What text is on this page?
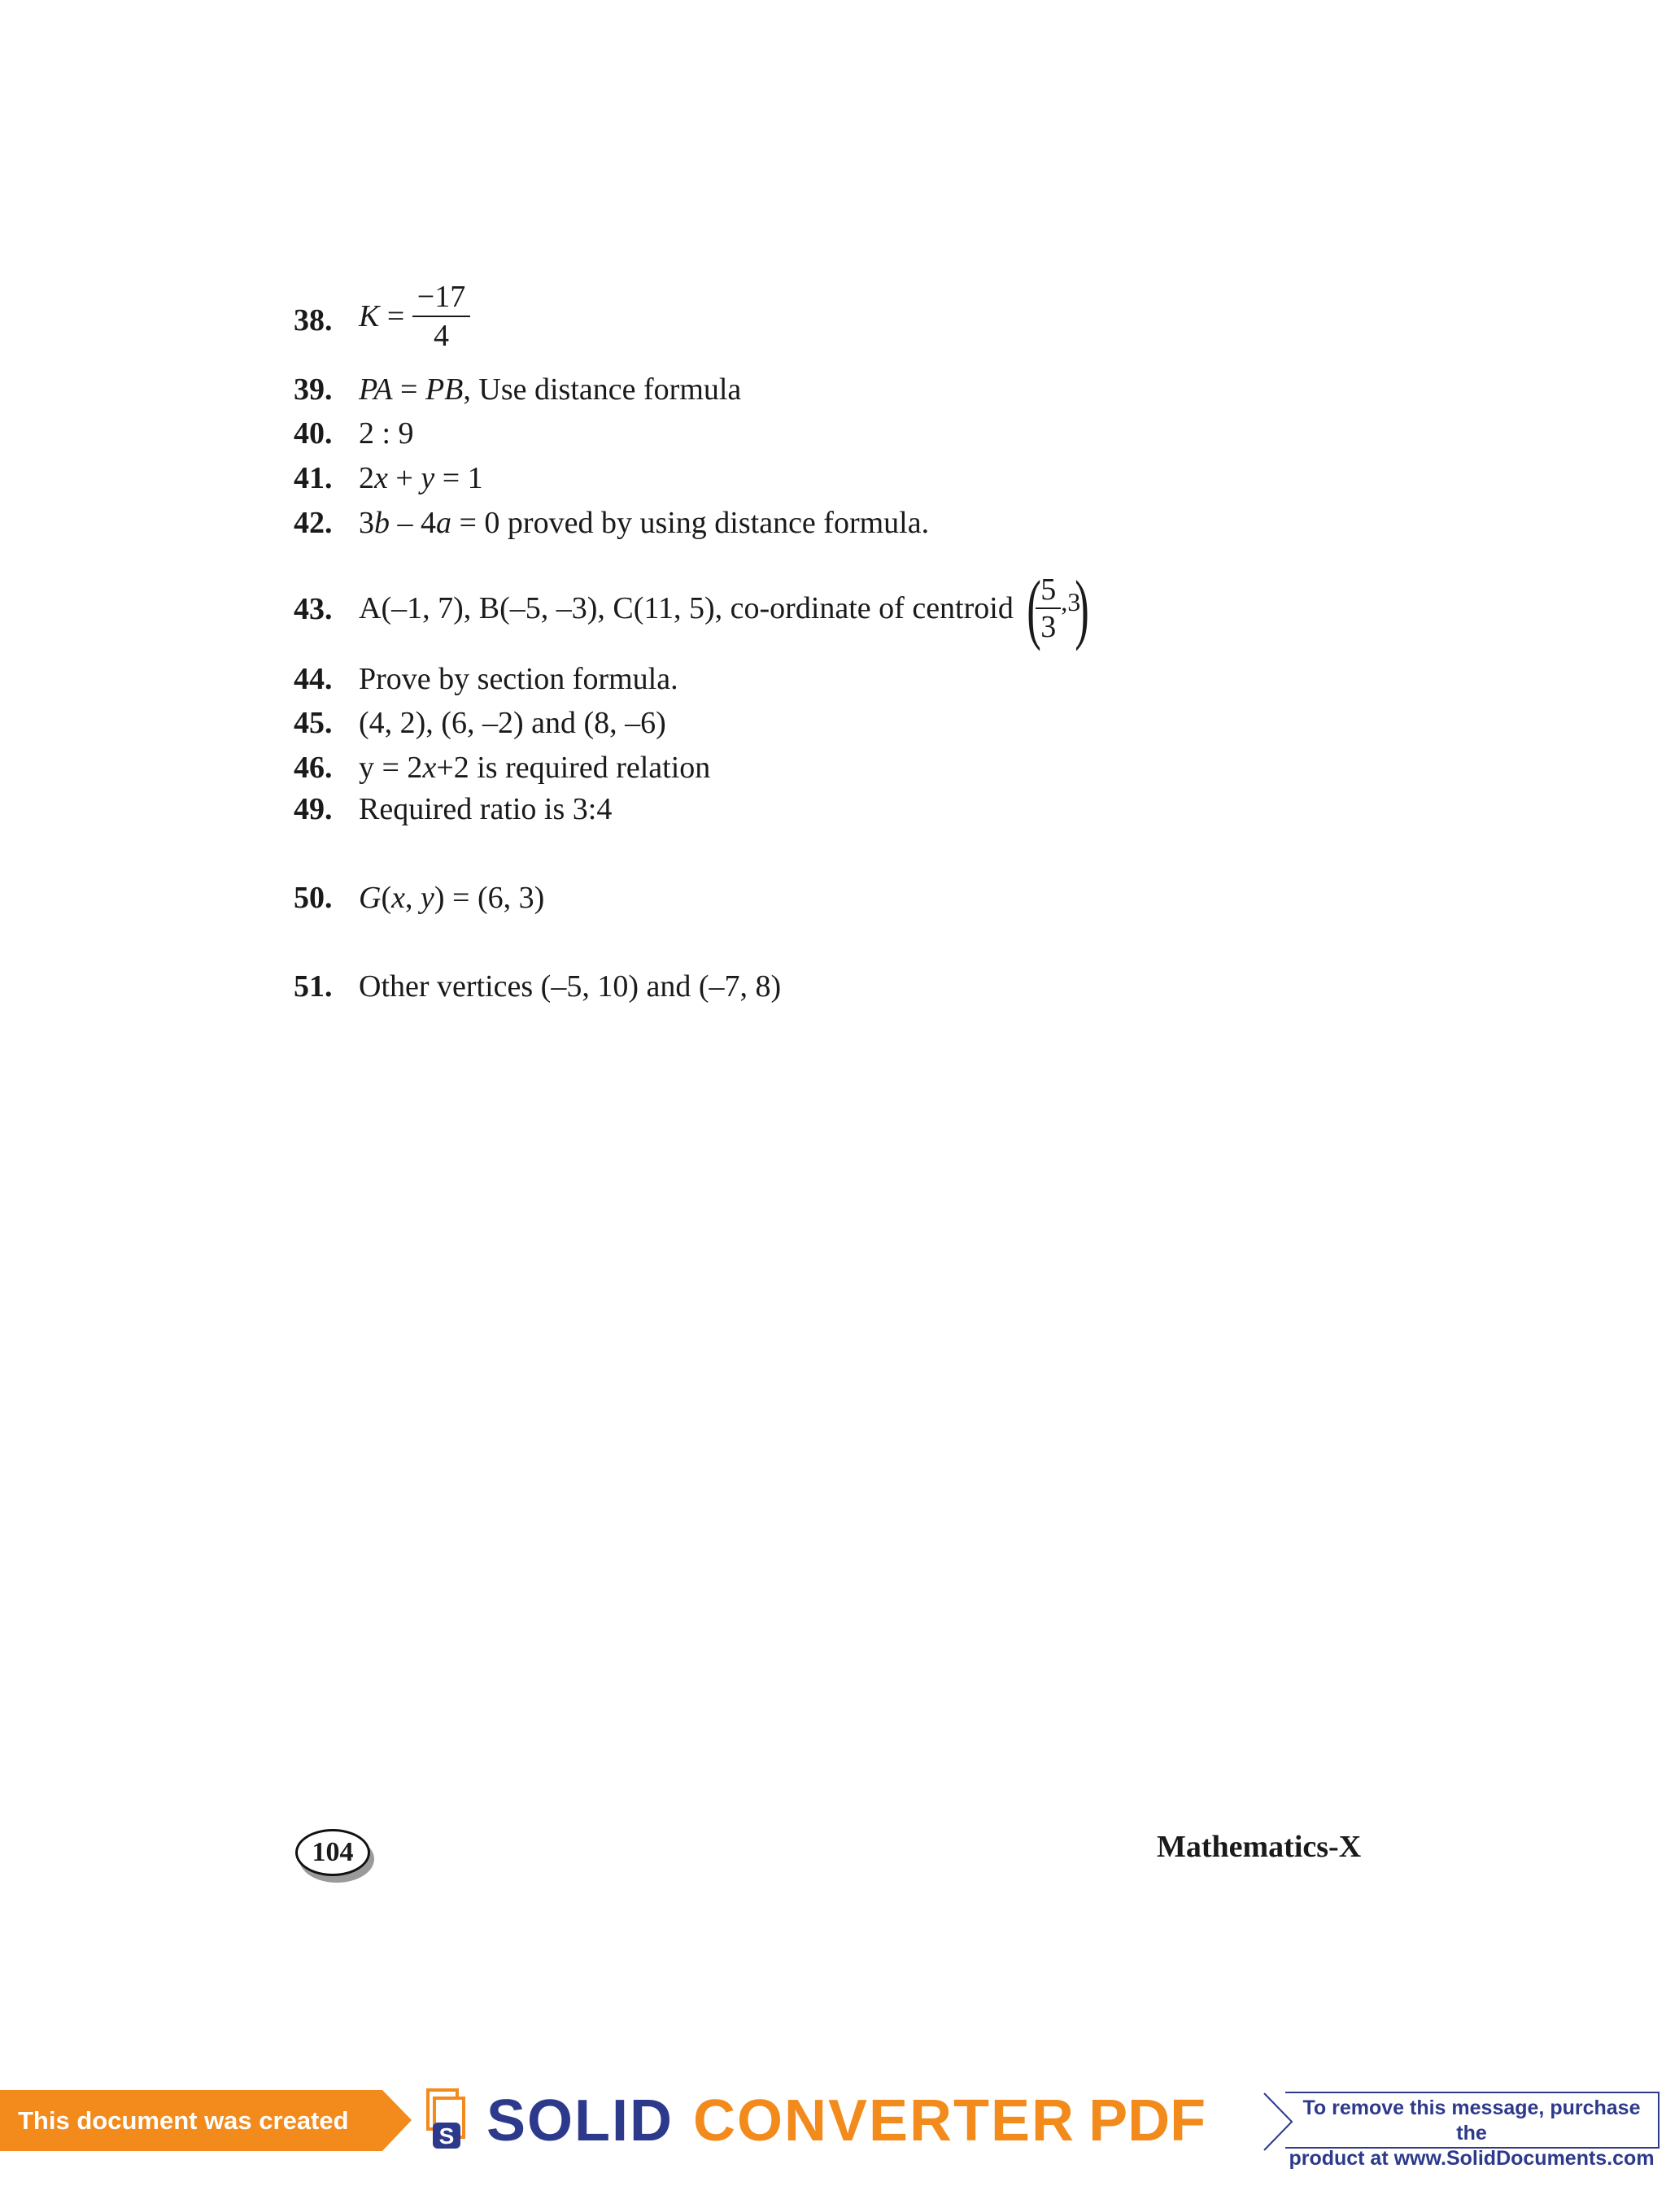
38. $K = \frac{-17}{4}$
39. PA = PB, Use distance formula
40. 2 : 9
41. 2x + y = 1
42. 3b – 4a = 0 proved by using distance formula.
43. A(–1, 7), B(–5, –3), C(11, 5), co-ordinate of centroid (
$\frac{5}{3} ^{,3}$)
44. Prove by section formula.
45. (4, 2), (6, –2) and (8, –6)
46. y = 2x+2 is required relation
49. Required ratio is 3:4
50. G(x, y) = (6, 3)
51. Other vertices (–5, 10) and (–7, 8)
104	Mathematics-X
This document was created using
S SOLID CONVERTER PDF	To remove this message, purchase the
product at www.SolidDocuments.com
